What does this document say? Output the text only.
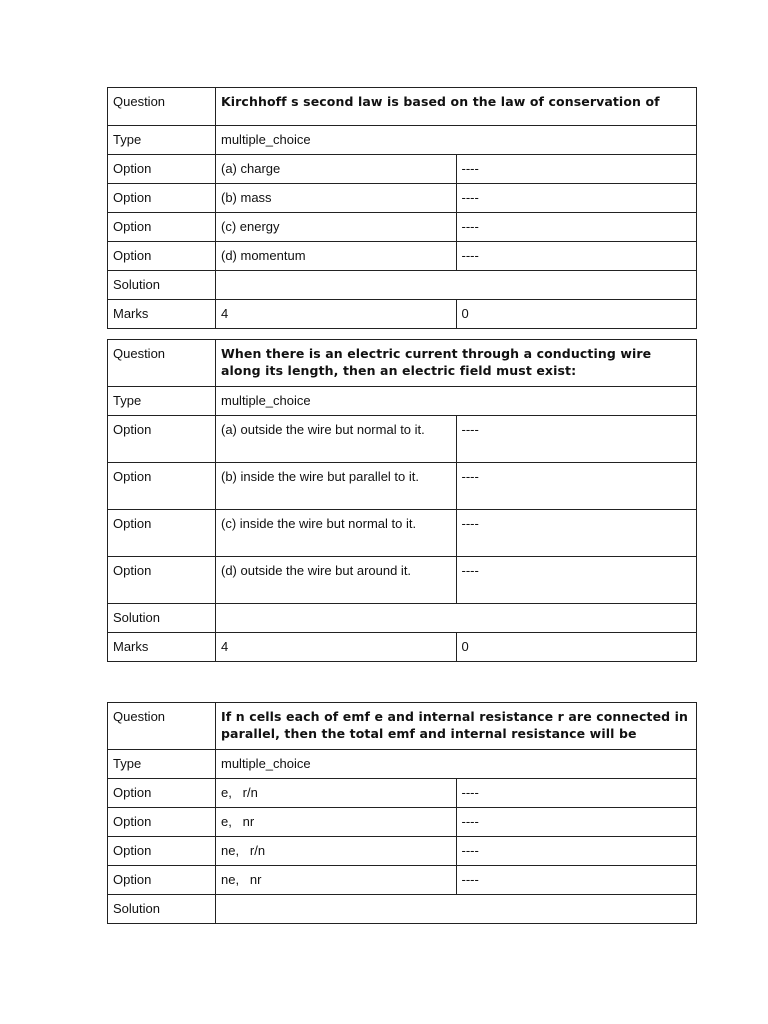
Question	Kirchhoff s second law is based on the law of conservation of	
Type	multiple_choice	
Option	(a) charge	----
Option	(b) mass	----
Option	(c) energy	----
Option	(d) momentum	----
Solution		
Marks	4	0
Question	When there is an electric current through a conducting wire along its length, then an electric field must exist:	
Type	multiple_choice	
Option	(a) outside the wire but normal to it.	----
Option	(b) inside the wire but parallel to it.	----
Option	(c) inside the wire but normal to it.	----
Option	(d) outside the wire but around it.	----
Solution		
Marks	4	0
Question	If n cells each of emf e and internal resistance r are connected in parallel, then the total emf and internal resistance will be	
Type	multiple_choice	
Option	e,   r/n	----
Option	e,   nr	----
Option	ne,   r/n	----
Option	ne,   nr	----
Solution		
